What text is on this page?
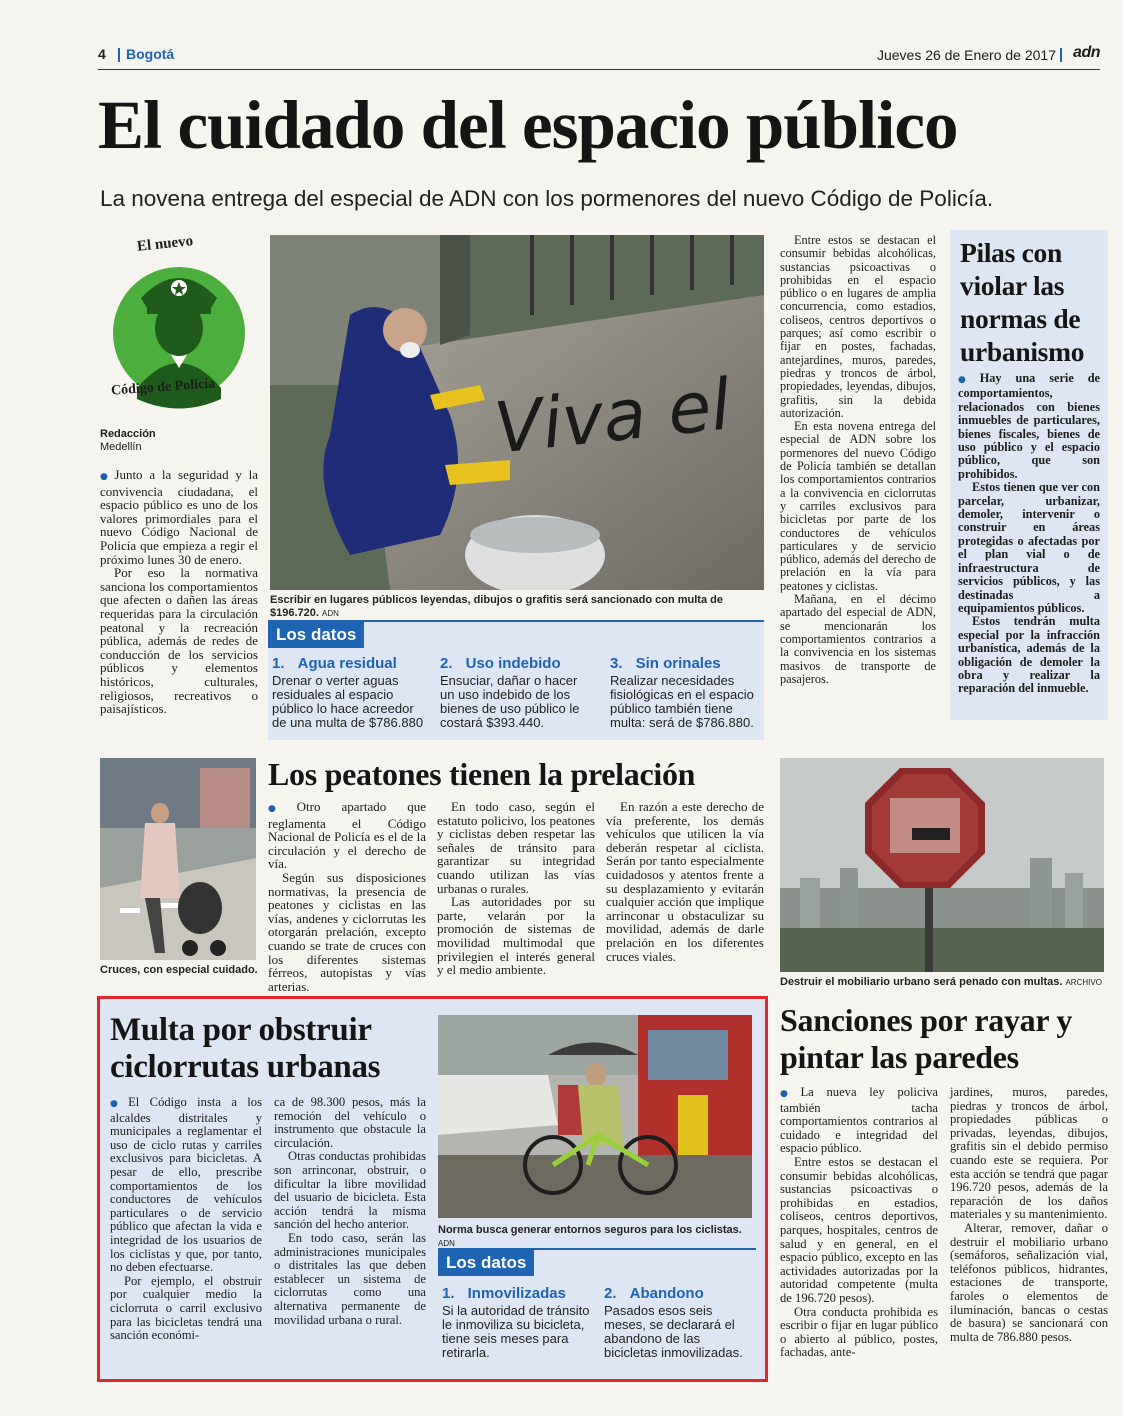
4 Bogotá	Jueves 26 de Enero de 2017 adn
El cuidado del espacio público
La novena entrega del especial de ADN con los pormenores del nuevo Código de Policía.
El nuevo
Código de Policía
Redacción
Medellín

● Junto a la seguridad y la convivencia ciudadana, el espacio público es uno de los valores primordiales para el nuevo Código Nacional de Policía que empieza a regir el próximo lunes 30 de enero.

Por eso la normativa sanciona los comportamientos que afecten o dañen las áreas requeridas para la circulación peatonal y la recreación pública, además de redes de conducción de los servicios públicos y elementos históricos, culturales, religiosos, recreativos o paisajísticos.

Viva el
Escribir en lugares públicos leyendas, dibujos o grafitis será sancionado con multa de $196.720. ADN
Los datos
1. Agua residual
Drenar o verter aguas residuales al espacio público lo hace acreedor de una multa de $786.880
2. Uso indebido
Ensuciar, dañar o hacer un uso indebido de los bienes de uso público le costará $393.440.
3. Sin orinales
Realizar necesidades fisiológicas en el espacio público también tiene multa: será de $786.880.

Entre estos se destacan el consumir bebidas alcohólicas, sustancias psicoactivas o prohibidas en el espacio público o en lugares de amplia concurrencia, como estadios, coliseos, centros deportivos o parques; así como escribir o fijar en postes, fachadas, antejardines, muros, paredes, piedras y troncos de árbol, propiedades, leyendas, dibujos, grafitis, sin la debida autorización.

En esta novena entrega del especial de ADN sobre los pormenores del nuevo Código de Policía también se detallan los comportamientos contrarios a la convivencia en ciclorrutas y carriles exclusivos para bicicletas por parte de los conductores de vehículos particulares y de servicio público, además del derecho de prelación en la vía para peatones y ciclistas.

Mañana, en el décimo apartado del especial de ADN, se mencionarán los comportamientos contrarios a la convivencia en los sistemas masivos de transporte de pasajeros.

Pilas con violar las normas de urbanismo

● Hay una serie de comportamientos, relacionados con bienes inmuebles de particulares, bienes fiscales, bienes de uso público y el espacio público, que son prohibidos.

Estos tienen que ver con parcelar, urbanizar, demoler, intervenir o construir en áreas protegidas o afectadas por el plan vial o de infraestructura de servicios públicos, y las destinadas a equipamientos públicos.

Estos tendrán multa especial por la infracción urbanística, además de la obligación de demoler la obra y realizar la reparación del inmueble.

Cruces, con especial cuidado.
Los peatones tienen la prelación

● Otro apartado que reglamenta el Código Nacional de Policía es el de la circulación y el derecho de vía.

Según sus disposiciones normativas, la presencia de peatones y ciclistas en las vías, andenes y ciclorrutas les otorgarán prelación, excepto cuando se trate de cruces con los diferentes sistemas férreos, autopistas y vías arterias.

En todo caso, según el estatuto policivo, los peatones y ciclistas deben respetar las señales de tránsito para garantizar su integridad cuando utilizan las vías urbanas o rurales.

Las autoridades por su parte, velarán por la promoción de sistemas de movilidad multimodal que privilegien el interés general y el medio ambiente.

En razón a este derecho de vía preferente, los demás vehículos que utilicen la vía deberán respetar al ciclista. Serán por tanto especialmente cuidadosos y atentos frente a su desplazamiento y evitarán cualquier acción que implique arrinconar u obstaculizar su movilidad, además de darle prelación en los diferentes cruces viales.

Destruir el mobiliario urbano será penado con multas. ARCHIVO
Multa por obstruir ciclorrutas urbanas

● El Código insta a los alcaldes distritales y municipales a reglamentar el uso de ciclo rutas y carriles exclusivos para bicicletas. A pesar de ello, prescribe comportamientos de los conductores de vehículos particulares o de servicio público que afectan la vida e integridad de los usuarios de los ciclistas y que, por tanto, no deben efectuarse.

Por ejemplo, el obstruir por cualquier medio la ciclorruta o carril exclusivo para las bicicletas tendrá una sanción económi-

ca de 98.300 pesos, más la remoción del vehículo o instrumento que obstacule la circulación.

Otras conductas prohibidas son arrinconar, obstruir, o dificultar la libre movilidad del usuario de bicicleta. Esta acción tendrá la misma sanción del hecho anterior.

En todo caso, serán las administraciones municipales o distritales las que deben establecer un sistema de ciclorrutas como una alternativa permanente de movilidad urbana o rural.

Norma busca generar entornos seguros para los ciclistas. ADN
Los datos
1. Inmovilizadas
Si la autoridad de tránsito le inmoviliza su bicicleta, tiene seis meses para retirarla.
2. Abandono
Pasados esos seis meses, se declarará el abandono de las bicicletas inmovilizadas.
Sanciones por rayar y pintar las paredes

● La nueva ley policiva también tacha comportamientos contrarios al cuidado e integridad del espacio público.

Entre estos se destacan el consumir bebidas alcohólicas, sustancias psicoactivas o prohibidas en estadios, coliseos, centros deportivos, parques, hospitales, centros de salud y en general, en el espacio público, excepto en las actividades autorizadas por la autoridad competente (multa de 196.720 pesos).

Otra conducta prohibida es escribir o fijar en lugar público o abierto al público, postes, fachadas, ante-

jardines, muros, paredes, piedras y troncos de árbol, propiedades públicas o privadas, leyendas, dibujos, grafitis sin el debido permiso cuando este se requiera. Por esta acción se tendrá que pagar 196.720 pesos, además de la reparación de los daños materiales y su mantenimiento.

Alterar, remover, dañar o destruir el mobiliario urbano (semáforos, señalización vial, teléfonos públicos, hidrantes, estaciones de transporte, faroles o elementos de iluminación, bancas o cestas de basura) se sancionará con multa de 786.880 pesos.
